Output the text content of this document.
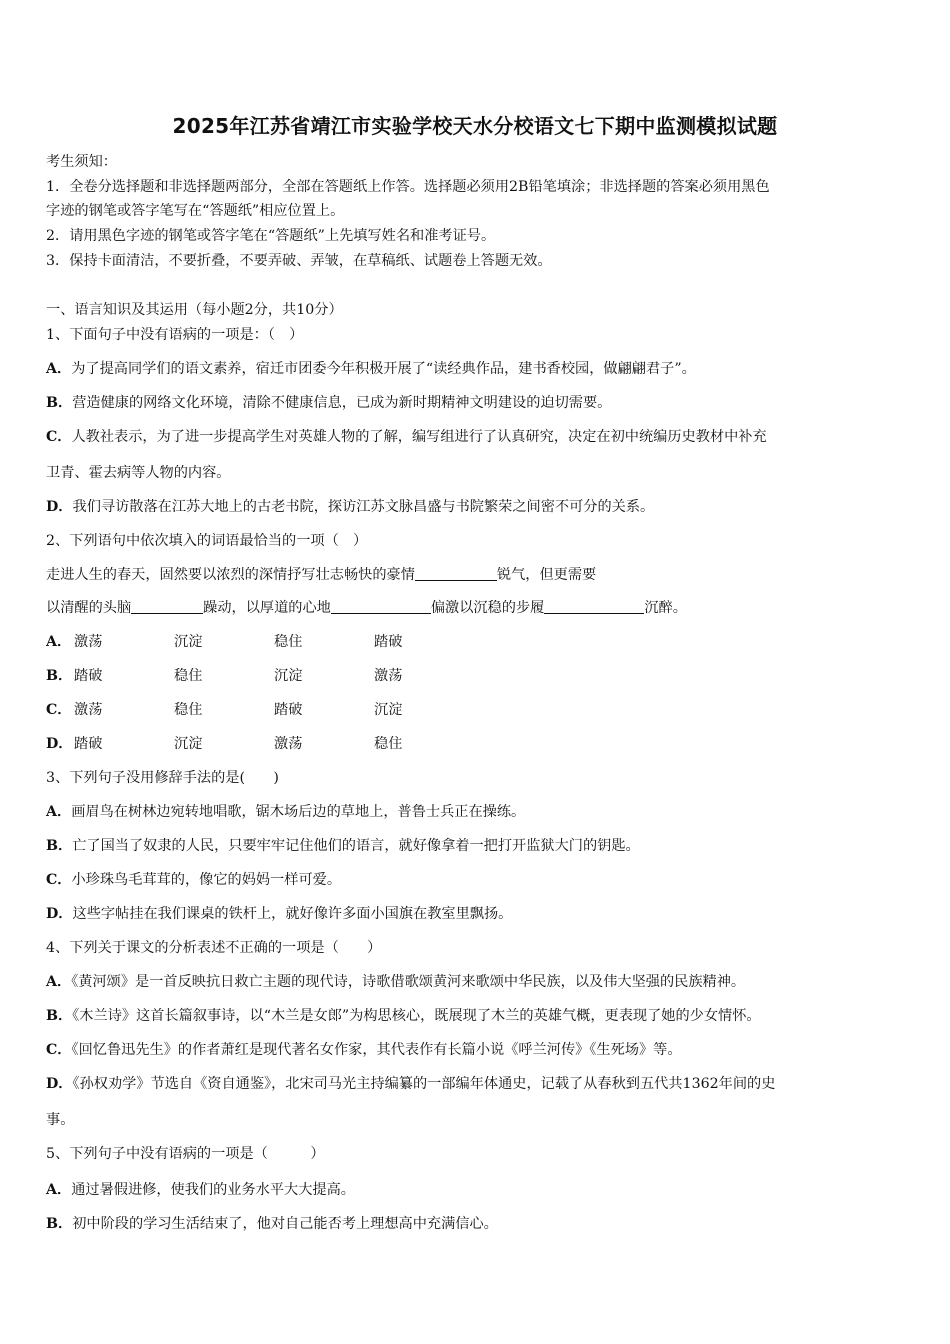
2025年江苏省靖江市实验学校天水分校语文七下期中监测模拟试题
考生须知：
1．全卷分选择题和非选择题两部分，全部在答题纸上作答。选择题必须用2B铅笔填涂；非选择题的答案必须用黑色
字迹的钢笔或答字笔写在“答题纸”相应位置上。
2．请用黑色字迹的钢笔或答字笔在“答题纸”上先填写姓名和准考证号。
3．保持卡面清洁，不要折叠，不要弄破、弄皱，在草稿纸、试题卷上答题无效。
一、语言知识及其运用（每小题2分，共10分）
1、下面句子中没有语病的一项是：（　）
A．为了提高同学们的语文素养，宿迁市团委今年积极开展了“读经典作品，建书香校园，做翩翩君子”。
B．营造健康的网络文化环境，清除不健康信息，已成为新时期精神文明建设的迫切需要。
C．人教社表示，为了进一步提高学生对英雄人物的了解，编写组进行了认真研究，决定在初中统编历史教材中补充
卫青、霍去病等人物的内容。
D．我们寻访散落在江苏大地上的古老书院，探访江苏文脉昌盛与书院繁荣之间密不可分的关系。
2、下列语句中依次填入的词语最恰当的一项（　）
走进人生的春天，固然要以浓烈的深情抒写壮志畅快的豪情	锐气，但更需要
以清醒的头脑	躁动，以厚道的心地	偏激以沉稳的步履	沉醉。
A． 激荡	沉淀	稳住	踏破
B． 踏破	稳住	沉淀	激荡
C． 激荡	稳住	踏破	沉淀
D． 踏破	沉淀	激荡	稳住
3、下列句子没用修辞手法的是(　　)
A．画眉鸟在树林边宛转地唱歌，锯木场后边的草地上，普鲁士兵正在操练。
B．亡了国当了奴隶的人民，只要牢牢记住他们的语言，就好像拿着一把打开监狱大门的钥匙。
C．小珍珠鸟毛茸茸的，像它的妈妈一样可爱。
D．这些字帖挂在我们课桌的铁杆上，就好像许多面小国旗在教室里飘扬。
4、下列关于课文的分析表述不正确的一项是（　　）
A．《黄河颂》是一首反映抗日救亡主题的现代诗，诗歌借歌颂黄河来歌颂中华民族，以及伟大坚强的民族精神。
B．《木兰诗》这首长篇叙事诗，以“木兰是女郎”为构思核心，既展现了木兰的英雄气概，更表现了她的少女情怀。
C．《回忆鲁迅先生》的作者萧红是现代著名女作家，其代表作有长篇小说《呼兰河传》《生死场》等。
D．《孙权劝学》节选自《资自通鉴》，北宋司马光主持编纂的一部编年体通史，记载了从春秋到五代共1362年间的史
事。
5、下列句子中没有语病的一项是（　　　）
A．通过暑假进修，使我们的业务水平大大提高。
B．初中阶段的学习生活结束了，他对自己能否考上理想高中充满信心。
